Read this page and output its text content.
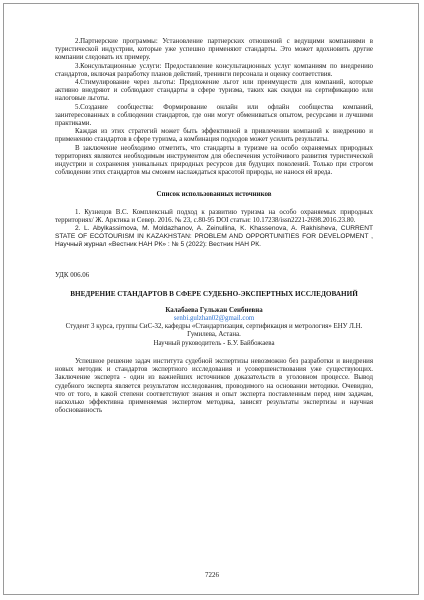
2.Партнерские программы: Установление партнерских отношений с ведущими компаниями в туристической индустрии, которые уже успешно применяют стандарты. Это может вдохновить другие компании следовать их примеру.

3.Консультационные услуги: Предоставление консультационных услуг компаниям по внедрению стандартов, включая разработку планов действий, тренинги персонала и оценку соответствия.

4.Стимулирование через льготы: Предложение льгот или преимуществ для компаний, которые активно внедряют и соблюдают стандарты в сфере туризма, таких как скидки на сертификацию или налоговые льготы.

5.Создание сообщества: Формирование онлайн или офлайн сообщества компаний, заинтересованных в соблюдении стандартов, где они могут обмениваться опытом, ресурсами и лучшими практиками.

Каждая из этих стратегий может быть эффективной в привлечении компаний к внедрению и применению стандартов в сфере туризма, а комбинация подходов может усилить результаты.

В заключение необходимо отметить, что стандарты в туризме на особо охраняемых природных территориях являются необходимым инструментом для обеспечения устойчивого развития туристической индустрии и сохранения уникальных природных ресурсов для будущих поколений. Только при строгом соблюдении этих стандартов мы сможем наслаждаться красотой природы, не нанося ей вреда.

Список использованных источников

1. Кузнецов В.С. Комплексный подход к развитию туризма на особо охраняемых природных территориях/ Ж. Арктика и Север. 2016. № 23, с.80-95 DOI статьи: 10.17238/issn2221-2698.2016.23.80.

2. L. Abylkassimova, M. Moldazhanov, A. Zeinullina, K. Khassenova, A. Rakhisheva, CURRENT STATE OF ECOTOURISM IN KAZAKHSTAN: PROBLEM AND OPPORTUNITIES FOR DEVELOPMENT , Научный журнал «Вестник НАН РК» : № 5 (2022): Вестник НАН РК.

УДК 006.06

ВНЕДРЕНИЕ СТАНДАРТОВ В СФЕРЕ СУДЕБНО-ЭКСПЕРТНЫХ ИССЛЕДОВАНИЙ

Калабаева Гульжан Сенбиевна

senbi.gulzhan02@gmail.com

Студент 3 курса, группы СиС-32, кафедры «Стандартизация, сертификация и метрология» ЕНУ Л.Н. Гумилева, Астана.

Научный руководитель - Б.У. Байбожаева

Успешное решение задач института судебной экспертизы невозможно без разработки и внедрения новых методик и стандартов экспертного исследования и усовершенствования уже существующих. Заключение эксперта - один из важнейших источников доказательств в уголовном процессе. Вывод судебного эксперта является результатом исследования, проводимого на основании методики. Очевидно, что от того, в какой степени соответствуют знания и опыт эксперта поставленным перед ним задачам, насколько эффективна применяемая экспертом методика, зависят результаты экспертизы и научная обоснованность

7226
